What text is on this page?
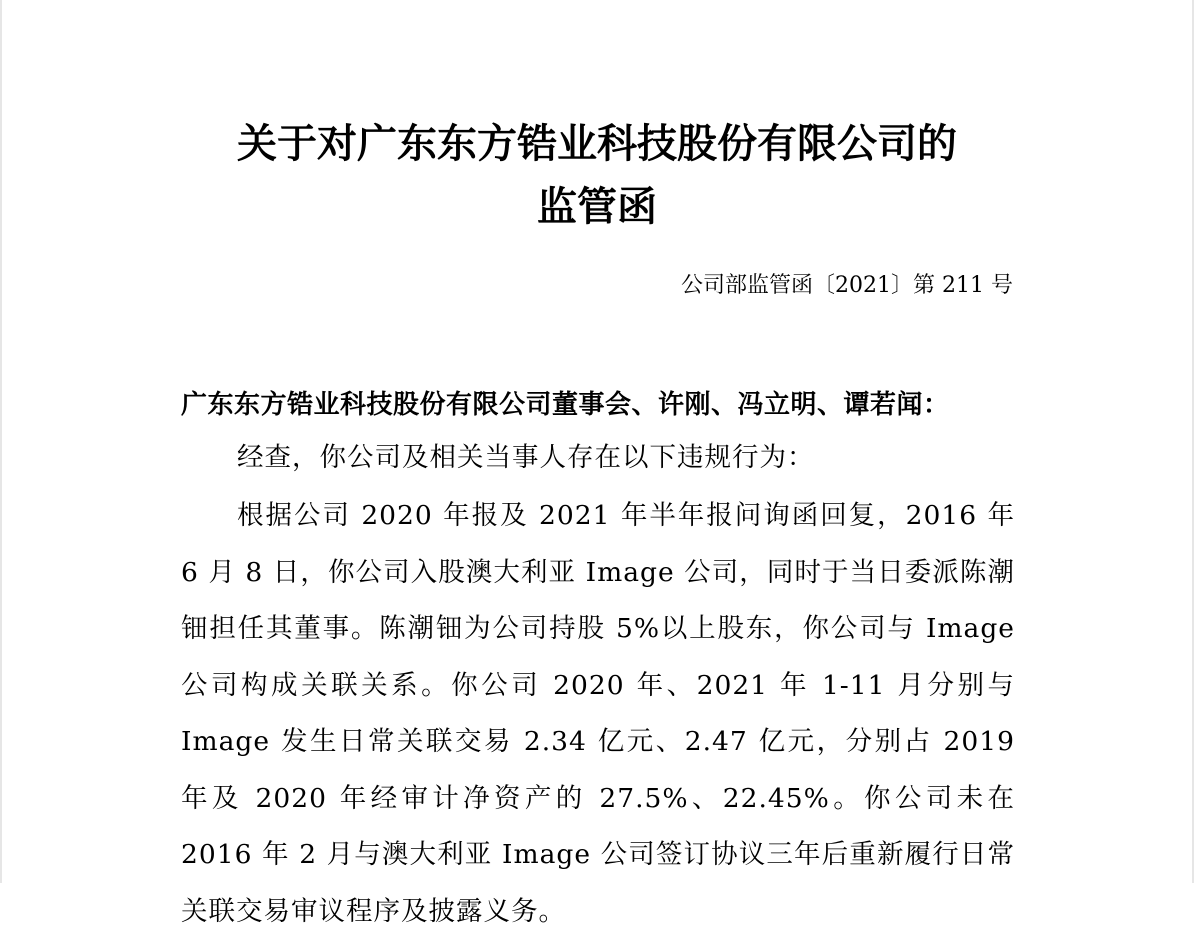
关于对广东东方锆业科技股份有限公司的
监管函
公司部监管函〔2021〕第 211 号
广东东方锆业科技股份有限公司董事会、许刚、冯立明、谭若闻：

经查，你公司及相关当事人存在以下违规行为：

根据公司 2020 年报及 2021 年半年报问询函回复，2016 年 6 月 8 日，你公司入股澳大利亚 Image 公司，同时于当日委派陈潮钿担任其董事。陈潮钿为公司持股 5%以上股东，你公司与 Image 公司构成关联关系。你公司 2020 年、2021 年 1-11 月分别与 Image 发生日常关联交易 2.34 亿元、2.47 亿元，分别占 2019 年及 2020 年经审计净资产的 27.5%、22.45%。你公司未在 2016 年 2 月与澳大利亚 Image 公司签订协议三年后重新履行日常关联交易审议程序及披露义务。
